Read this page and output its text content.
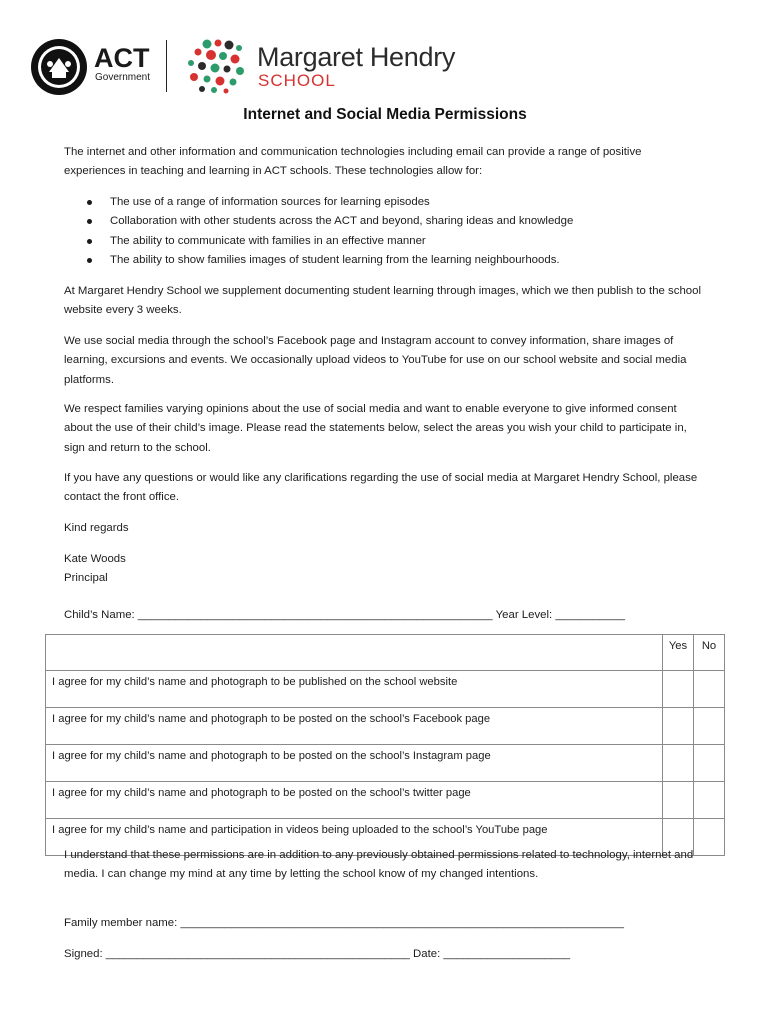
ACT
Government
Margaret Hendry
SCHOOL
Internet and Social Media Permissions

The internet and other information and communication technologies including email can provide a range of positive experiences in teaching and learning in ACT schools. These technologies allow for:

The use of a range of information sources for learning episodes
Collaboration with other students across the ACT and beyond, sharing ideas and knowledge
The ability to communicate with families in an effective manner
The ability to show families images of student learning from the learning neighbourhoods.

At Margaret Hendry School we supplement documenting student learning through images, which we then publish to the school website every 3 weeks.

We use social media through the school’s Facebook page and Instagram account to convey information, share images of learning, excursions and events. We occasionally upload videos to YouTube for use on our school website and social media platforms.

We respect families varying opinions about the use of social media and want to enable everyone to give informed consent about the use of their child’s image. Please read the statements below, select the areas you wish your child to participate in, sign and return to the school.

If you have any questions or would like any clarifications regarding the use of social media at Margaret Hendry School, please contact the front office.

Kind regards
Kate Woods
Principal
Child’s Name: ________________________________________________________ Year Level: ___________
	Yes	No
I agree for my child’s name and photograph to be published on the school website		
I agree for my child’s name and photograph to be posted on the school’s Facebook page		
I agree for my child’s name and photograph to be posted on the school’s Instagram page		
I agree for my child’s name and photograph to be posted on the school’s twitter page		
I agree for my child’s name and participation in videos being uploaded to the school’s YouTube page		

I understand that these permissions are in addition to any previously obtained permissions related to technology, internet and media. I can change my mind at any time by letting the school know of my changed intentions.

Family member name: ______________________________________________________________________
Signed: ________________________________________________ Date: ____________________
